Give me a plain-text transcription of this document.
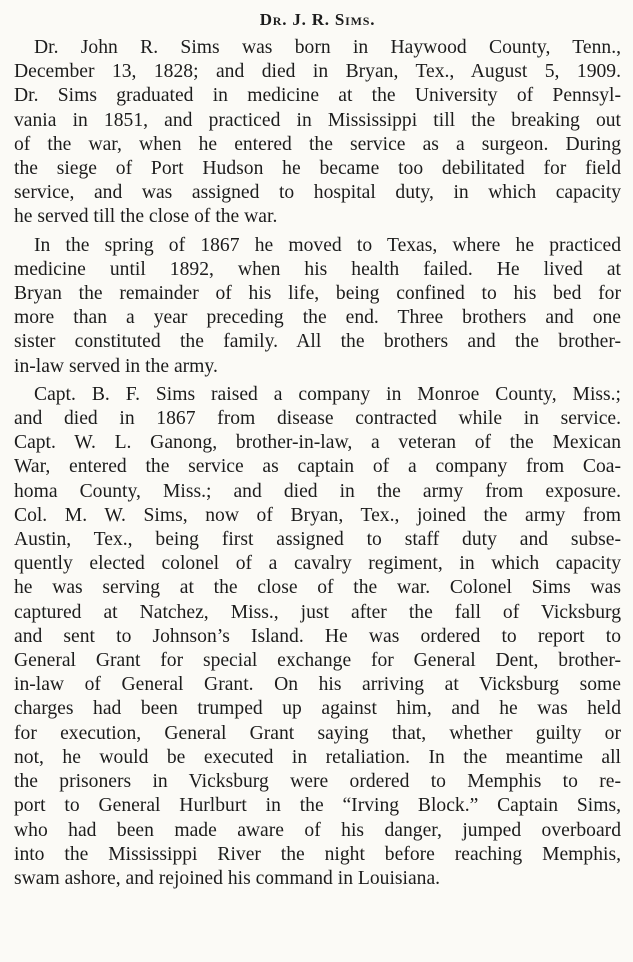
Dr. J. R. Sims.

Dr. John R. Sims was born in Haywood County, Tenn.,
December 13, 1828; and died in Bryan, Tex., August 5, 1909.
Dr. Sims graduated in medicine at the University of Pennsyl-
vania in 1851, and practiced in Mississippi till the breaking out
of the war, when he entered the service as a surgeon. During
the siege of Port Hudson he became too debilitated for field
service, and was assigned to hospital duty, in which capacity
he served till the close of the war.

In the spring of 1867 he moved to Texas, where he practiced
medicine until 1892, when his health failed. He lived at
Bryan the remainder of his life, being confined to his bed for
more than a year preceding the end. Three brothers and one
sister constituted the family. All the brothers and the brother-
in-law served in the army.

Capt. B. F. Sims raised a company in Monroe County, Miss.;
and died in 1867 from disease contracted while in service.
Capt. W. L. Ganong, brother-in-law, a veteran of the Mexican
War, entered the service as captain of a company from Coa-
homa County, Miss.; and died in the army from exposure.
Col. M. W. Sims, now of Bryan, Tex., joined the army from
Austin, Tex., being first assigned to staff duty and subse-
quently elected colonel of a cavalry regiment, in which capacity
he was serving at the close of the war. Colonel Sims was
captured at Natchez, Miss., just after the fall of Vicksburg
and sent to Johnson’s Island. He was ordered to report to
General Grant for special exchange for General Dent, brother-
in-law of General Grant. On his arriving at Vicksburg some
charges had been trumped up against him, and he was held
for execution, General Grant saying that, whether guilty or
not, he would be executed in retaliation. In the meantime all
the prisoners in Vicksburg were ordered to Memphis to re-
port to General Hurlburt in the “Irving Block.” Captain Sims,
who had been made aware of his danger, jumped overboard
into the Mississippi River the night before reaching Memphis,
swam ashore, and rejoined his command in Louisiana.
